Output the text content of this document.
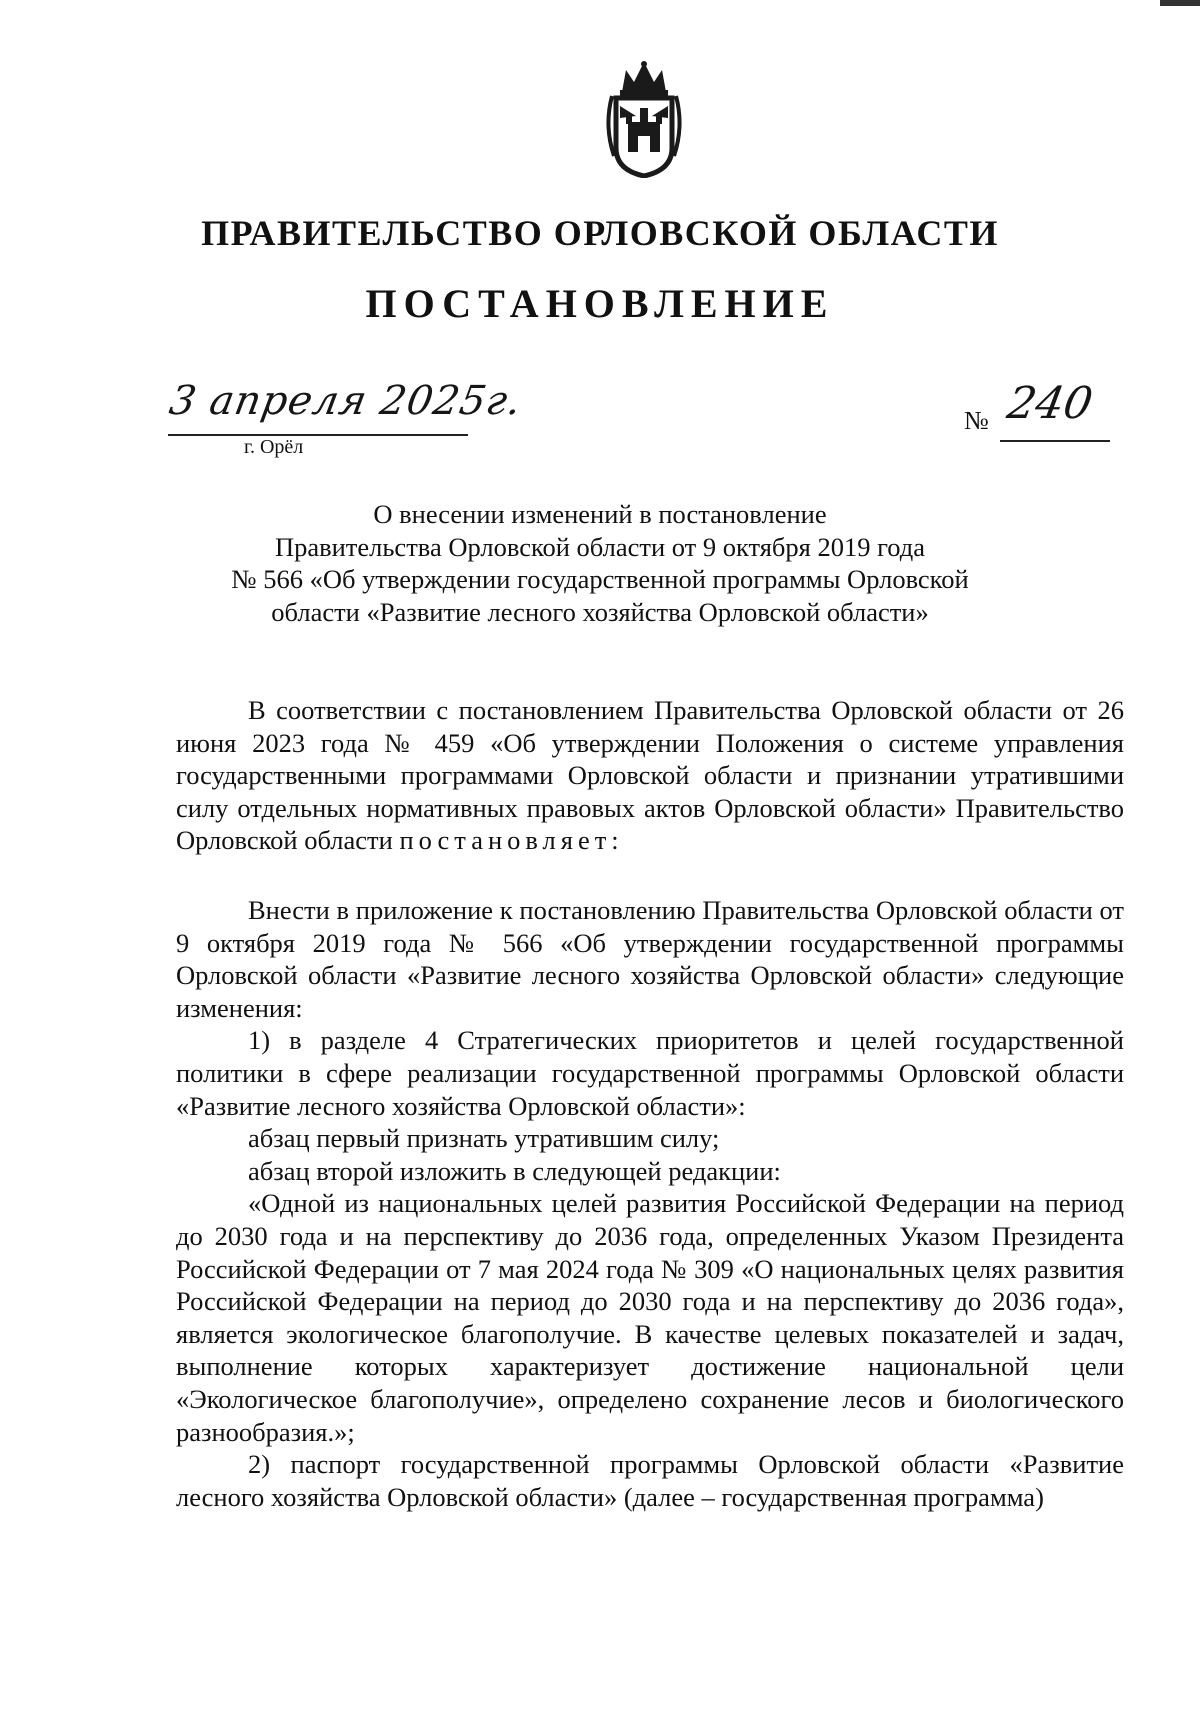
ПРАВИТЕЛЬСТВО ОРЛОВСКОЙ ОБЛАСТИ
ПОСТАНОВЛЕНИЕ
3 апреля 2025г.
г. Орёл
№ 240
О внесении изменений в постановление
Правительства Орловской области от 9 октября 2019 года
№ 566 «Об утверждении государственной программы Орловской
области «Развитие лесного хозяйства Орловской области»

В соответствии с постановлением Правительства Орловской области от 26 июня 2023 года № 459 «Об утверждении Положения о системе управления государственными программами Орловской области и признании утратившими силу отдельных нормативных правовых актов Орловской области» Правительство Орловской области постановляет:

Внести в приложение к постановлению Правительства Орловской области от 9 октября 2019 года № 566 «Об утверждении государственной программы Орловской области «Развитие лесного хозяйства Орловской области» следующие изменения:

1) в разделе 4 Стратегических приоритетов и целей государственной политики в сфере реализации государственной программы Орловской области «Развитие лесного хозяйства Орловской области»:

абзац первый признать утратившим силу;

абзац второй изложить в следующей редакции:

«Одной из национальных целей развития Российской Федерации на период до 2030 года и на перспективу до 2036 года, определенных Указом Президента Российской Федерации от 7 мая 2024 года № 309 «О национальных целях развития Российской Федерации на период до 2030 года и на перспективу до 2036 года», является экологическое благополучие. В качестве целевых показателей и задач, выполнение которых характеризует достижение национальной цели «Экологическое благополучие», определено сохранение лесов и биологического разнообразия.»;

2) паспорт государственной программы Орловской области «Развитие лесного хозяйства Орловской области» (далее – государственная программа)
